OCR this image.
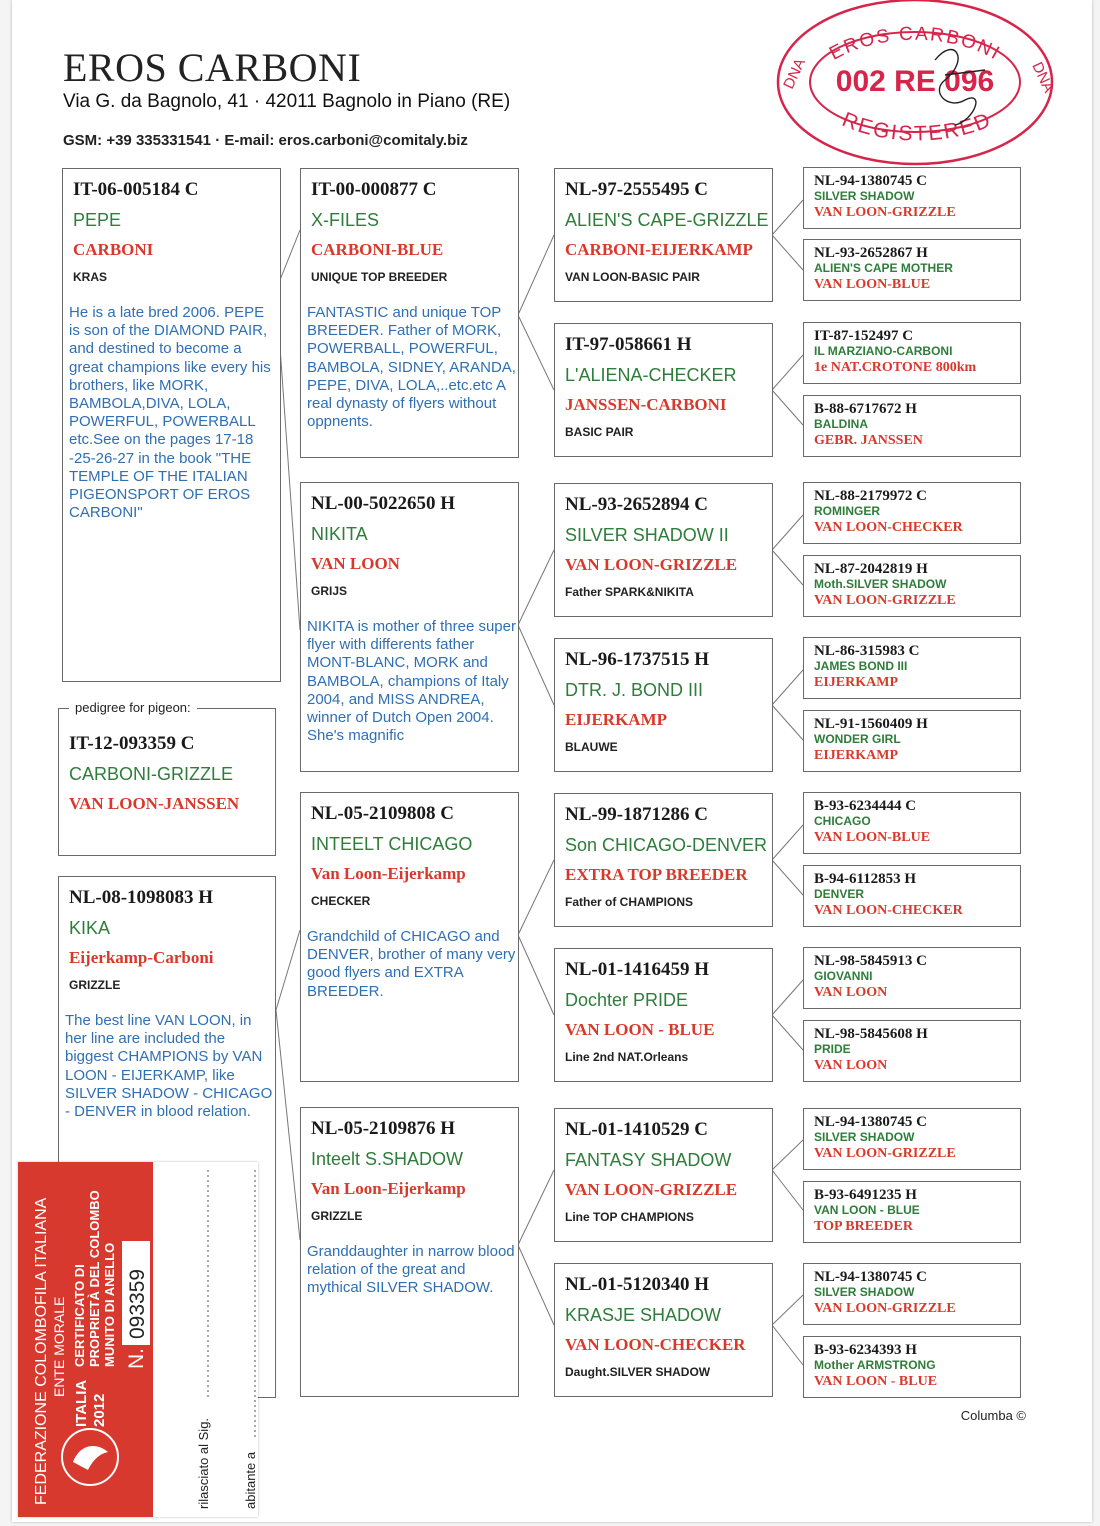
EROS CARBONI
Via G. da Bagnolo, 41 · 42011 Bagnolo in Piano (RE)
GSM: +39 335331541 · E-mail: eros.carboni@comitaly.biz
EROS CARBONI
REGISTERED
002 RE 096
DNA	DNA
IT-06-005184 C
PEPE
CARBONI
KRAS
He is a late bred 2006. PEPE is son of the DIAMOND PAIR, and destined to become a great champions like every his brothers, like MORK, BAMBOLA,DIVA, LOLA, POWERFUL, POWERBALL etc.See on the pages 17-18 -25-26-27 in the book "THE TEMPLE OF THE ITALIAN PIGEONSPORT OF EROS CARBONI"
pedigree for pigeon:
IT-12-093359 C
CARBONI-GRIZZLE
VAN LOON-JANSSEN
NL-08-1098083 H
KIKA
Eijerkamp-Carboni
GRIZZLE
The best line VAN LOON, in her line are included the biggest CHAMPIONS by VAN LOON - EIJERKAMP, like SILVER SHADOW - CHICAGO - DENVER in blood relation.
IT-00-000877 C
X-FILES
CARBONI-BLUE
UNIQUE TOP BREEDER
FANTASTIC and unique TOP BREEDER. Father of MORK, POWERBALL, POWERFUL, BAMBOLA, SIDNEY, ARANDA, PEPE, DIVA, LOLA,..etc.etc A real dynasty of flyers without oppnents.
NL-00-5022650 H
NIKITA
VAN LOON
GRIJS
NIKITA is mother of three super flyer with differents father MONT-BLANC, MORK and BAMBOLA, champions of Italy 2004, and MISS ANDREA, winner of Dutch Open 2004. She's magnific
NL-05-2109808 C
INTEELT CHICAGO
Van Loon-Eijerkamp
CHECKER
Grandchild of CHICAGO and DENVER, brother of many very good flyers and EXTRA BREEDER.
NL-05-2109876 H
Inteelt S.SHADOW
Van Loon-Eijerkamp
GRIZZLE
Granddaughter in narrow blood relation of the great and mythical SILVER SHADOW.
NL-97-2555495 C
ALIEN'S CAPE-GRIZZLE
CARBONI-EIJERKAMP
VAN LOON-BASIC PAIR
IT-97-058661 H
L'ALIENA-CHECKER
JANSSEN-CARBONI
BASIC PAIR
NL-93-2652894 C
SILVER SHADOW II
VAN LOON-GRIZZLE
Father SPARK&NIKITA
NL-96-1737515 H
DTR. J. BOND III
EIJERKAMP
BLAUWE
NL-99-1871286 C
Son CHICAGO-DENVER
EXTRA TOP BREEDER
Father of CHAMPIONS
NL-01-1416459 H
Dochter PRIDE
VAN LOON - BLUE
Line 2nd NAT.Orleans
NL-01-1410529 C
FANTASY SHADOW
VAN LOON-GRIZZLE
Line TOP CHAMPIONS
NL-01-5120340 H
KRASJE SHADOW
VAN LOON-CHECKER
Daught.SILVER SHADOW
NL-94-1380745 C
SILVER SHADOW
VAN LOON-GRIZZLE
NL-93-2652867 H
ALIEN'S CAPE MOTHER
VAN LOON-BLUE
IT-87-152497 C
IL MARZIANO-CARBONI
1e NAT.CROTONE 800km
B-88-6717672 H
BALDINA
GEBR. JANSSEN
NL-88-2179972 C
ROMINGER
VAN LOON-CHECKER
NL-87-2042819 H
Moth.SILVER SHADOW
VAN LOON-GRIZZLE
NL-86-315983 C
JAMES BOND III
EIJERKAMP
NL-91-1560409 H
WONDER GIRL
EIJERKAMP
B-93-6234444 C
CHICAGO
VAN LOON-BLUE
B-94-6112853 H
DENVER
VAN LOON-CHECKER
NL-98-5845913 C
GIOVANNI
VAN LOON
NL-98-5845608 H
PRIDE
VAN LOON
NL-94-1380745 C
SILVER SHADOW
VAN LOON-GRIZZLE
B-93-6491235 H
VAN LOON - BLUE
TOP BREEDER
NL-94-1380745 C
SILVER SHADOW
VAN LOON-GRIZZLE
B-93-6234393 H
Mother ARMSTRONG
VAN LOON - BLUE
FEDERAZIONE COLOMBOFILA ITALIANA ENTE MORALE
ITALIA 2012
CERTIFICATO DI PROPRIETÀ DEL COLOMBO MUNITO DI ANELLO N.
093359
rilasciato al Sig. abitante a
Columba ©
